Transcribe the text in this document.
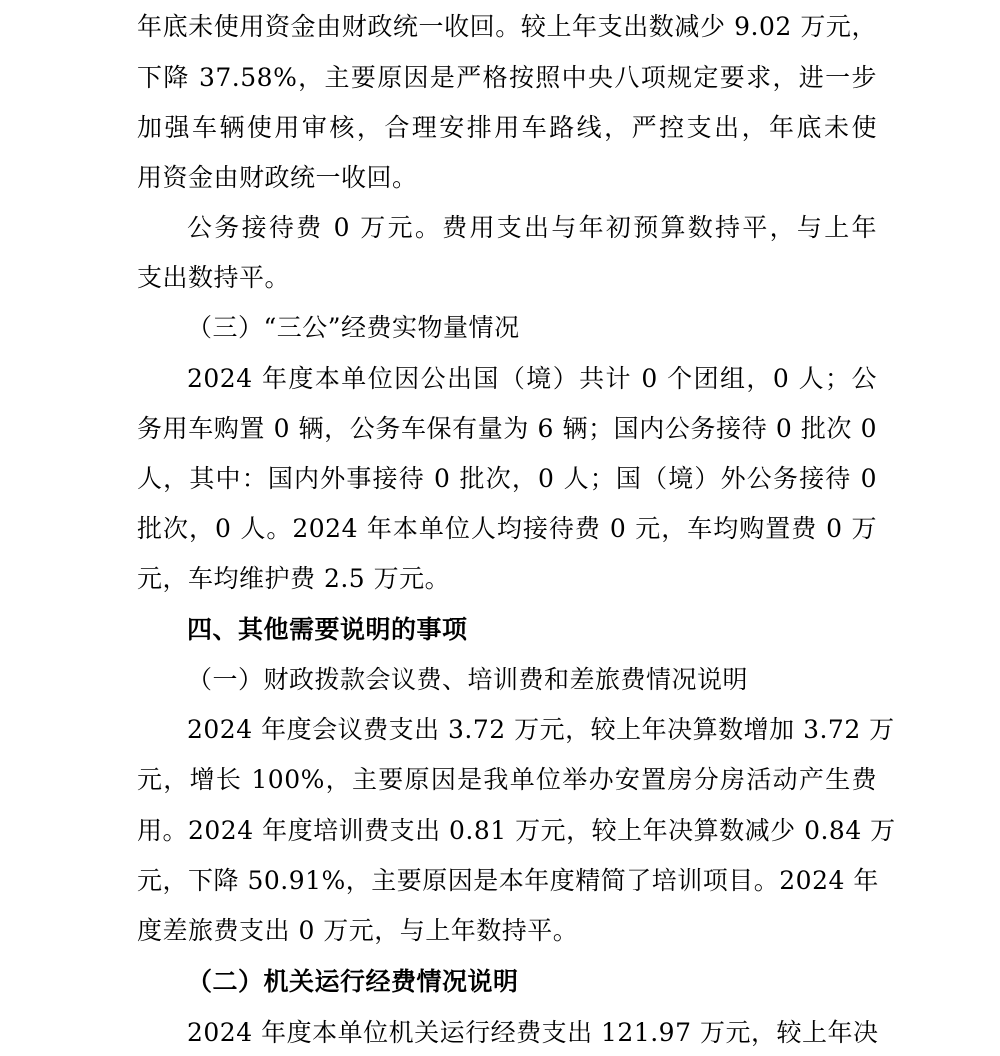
年底未使用资金由财政统一收回。较上年支出数减少 9.02 万元，
下降 37.58%，主要原因是严格按照中央八项规定要求，进一步
加强车辆使用审核，合理安排用车路线，严控支出，年底未使
用资金由财政统一收回。
公务接待费 0 万元。费用支出与年初预算数持平，与上年
支出数持平。
（三）“三公”经费实物量情况
2024 年度本单位因公出国（境）共计 0 个团组，0 人；公
务用车购置 0 辆，公务车保有量为 6 辆；国内公务接待 0 批次 0
人，其中：国内外事接待 0 批次，0 人；国（境）外公务接待 0
批次，0 人。2024 年本单位人均接待费 0 元，车均购置费 0 万
元，车均维护费 2.5 万元。
四、其他需要说明的事项
（一）财政拨款会议费、培训费和差旅费情况说明
2024 年度会议费支出 3.72 万元，较上年决算数增加 3.72 万
元，增长 100%，主要原因是我单位举办安置房分房活动产生费
用。2024 年度培训费支出 0.81 万元，较上年决算数减少 0.84 万
元，下降 50.91%，主要原因是本年度精简了培训项目。2024 年
度差旅费支出 0 万元，与上年数持平。
（二）机关运行经费情况说明
2024 年度本单位机关运行经费支出 121.97 万元，较上年决
